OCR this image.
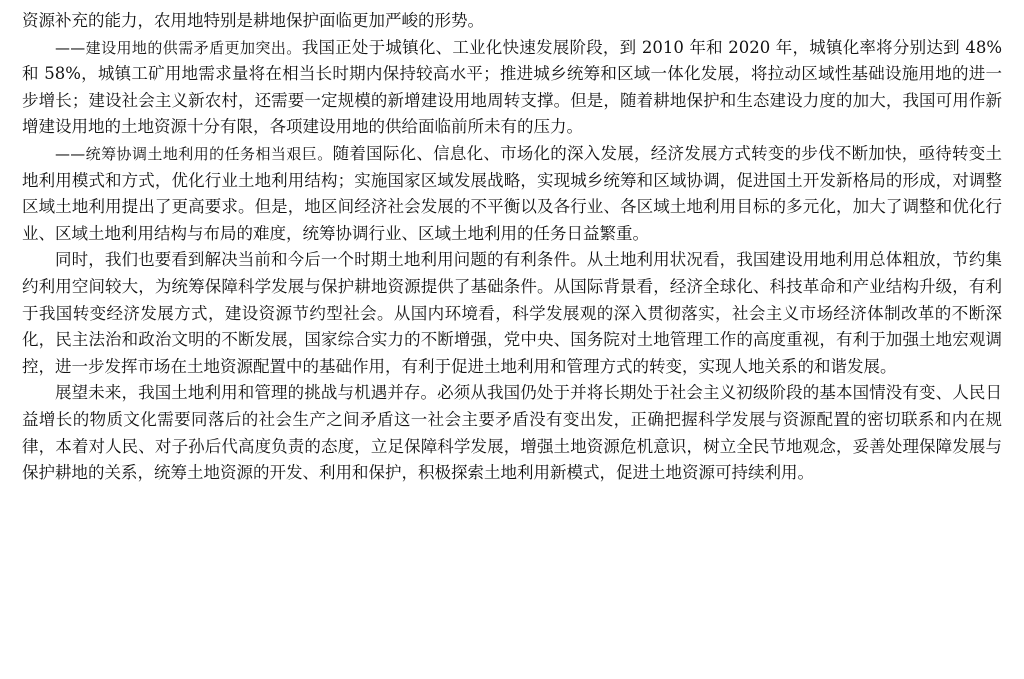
资源补充的能力，农用地特别是耕地保护面临更加严峻的形势。

——建设用地的供需矛盾更加突出。我国正处于城镇化、工业化快速发展阶段，到 2010 年和 2020 年，城镇化率将分别达到 48% 和 58%，城镇工矿用地需求量将在相当长时期内保持较高水平；推进城乡统筹和区域一体化发展，将拉动区域性基础设施用地的进一步增长；建设社会主义新农村，还需要一定规模的新增建设用地周转支撑。但是，随着耕地保护和生态建设力度的加大，我国可用作新增建设用地的土地资源十分有限，各项建设用地的供给面临前所未有的压力。

——统筹协调土地利用的任务相当艰巨。随着国际化、信息化、市场化的深入发展，经济发展方式转变的步伐不断加快，亟待转变土地利用模式和方式，优化行业土地利用结构；实施国家区域发展战略，实现城乡统筹和区域协调，促进国土开发新格局的形成，对调整区域土地利用提出了更高要求。但是，地区间经济社会发展的不平衡以及各行业、各区域土地利用目标的多元化，加大了调整和优化行业、区域土地利用结构与布局的难度，统筹协调行业、区域土地利用的任务日益繁重。

同时，我们也要看到解决当前和今后一个时期土地利用问题的有利条件。从土地利用状况看，我国建设用地利用总体粗放，节约集约利用空间较大，为统筹保障科学发展与保护耕地资源提供了基础条件。从国际背景看，经济全球化、科技革命和产业结构升级，有利于我国转变经济发展方式，建设资源节约型社会。从国内环境看，科学发展观的深入贯彻落实，社会主义市场经济体制改革的不断深化，民主法治和政治文明的不断发展，国家综合实力的不断增强，党中央、国务院对土地管理工作的高度重视，有利于加强土地宏观调控，进一步发挥市场在土地资源配置中的基础作用，有利于促进土地利用和管理方式的转变，实现人地关系的和谐发展。

展望未来，我国土地利用和管理的挑战与机遇并存。必须从我国仍处于并将长期处于社会主义初级阶段的基本国情没有变、人民日益增长的物质文化需要同落后的社会生产之间矛盾这一社会主要矛盾没有变出发，正确把握科学发展与资源配置的密切联系和内在规律，本着对人民、对子孙后代高度负责的态度，立足保障科学发展，增强土地资源危机意识，树立全民节地观念，妥善处理保障发展与保护耕地的关系，统筹土地资源的开发、利用和保护，积极探索土地利用新模式，促进土地资源可持续利用。
